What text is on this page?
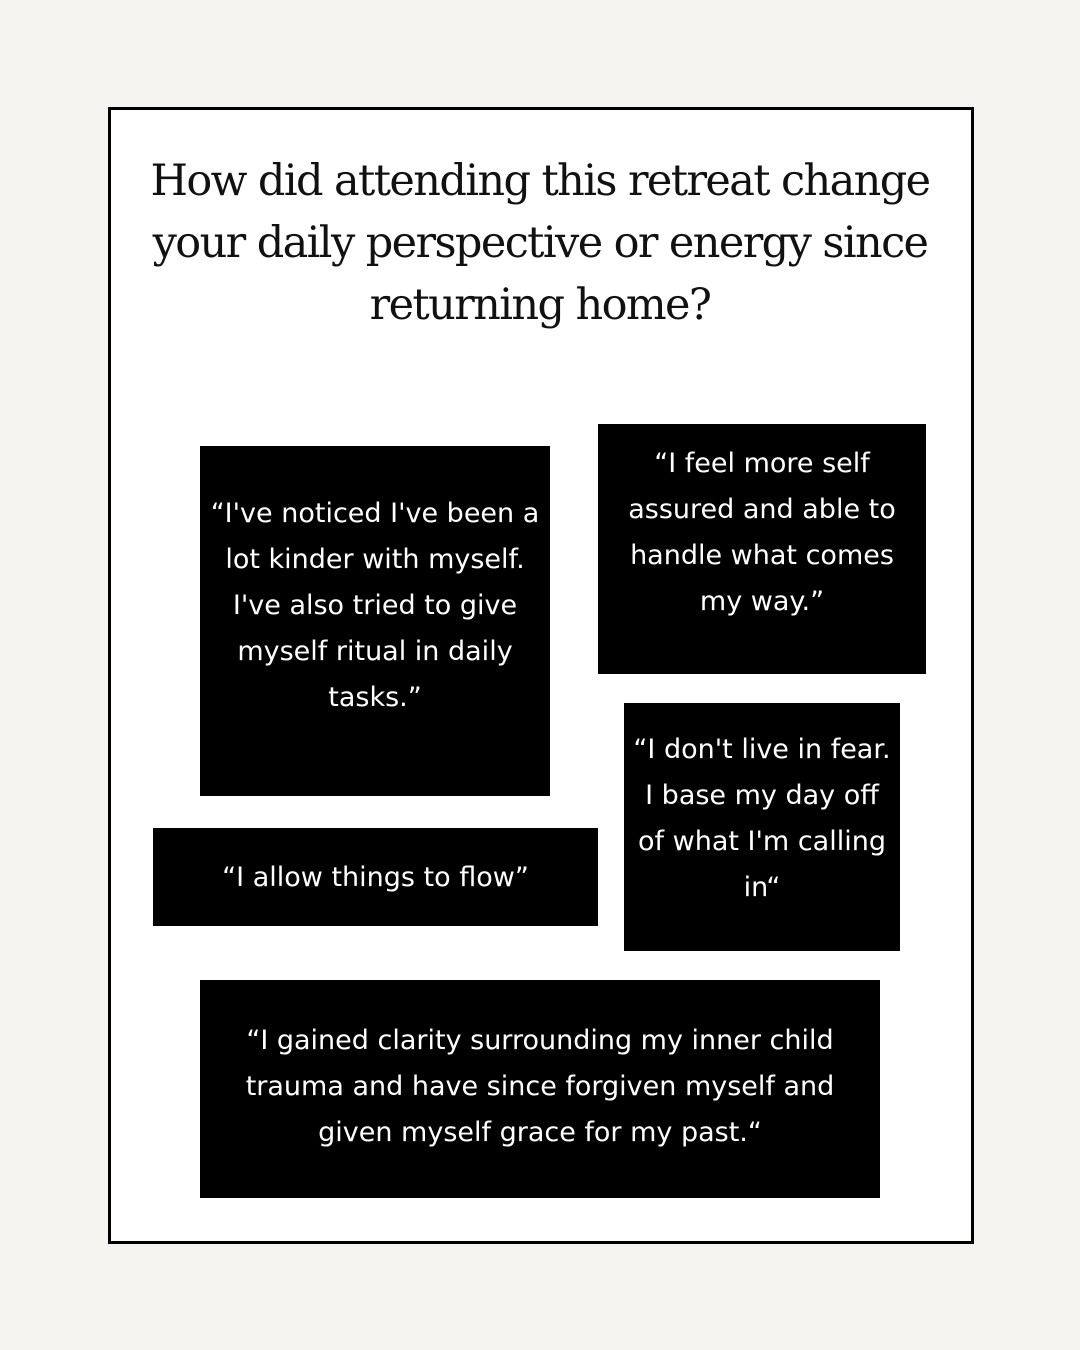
How did attending this retreat change your daily perspective or energy since returning home?
“I've noticed I've been a lot kinder with myself. I've also tried to give myself ritual in daily tasks.”
“I feel more self assured and able to handle what comes my way.”
“I don't live in fear. I base my day off of what I'm calling in“
“I allow things to flow”
“I gained clarity surrounding my inner child trauma and have since forgiven myself and given myself grace for my past.“
